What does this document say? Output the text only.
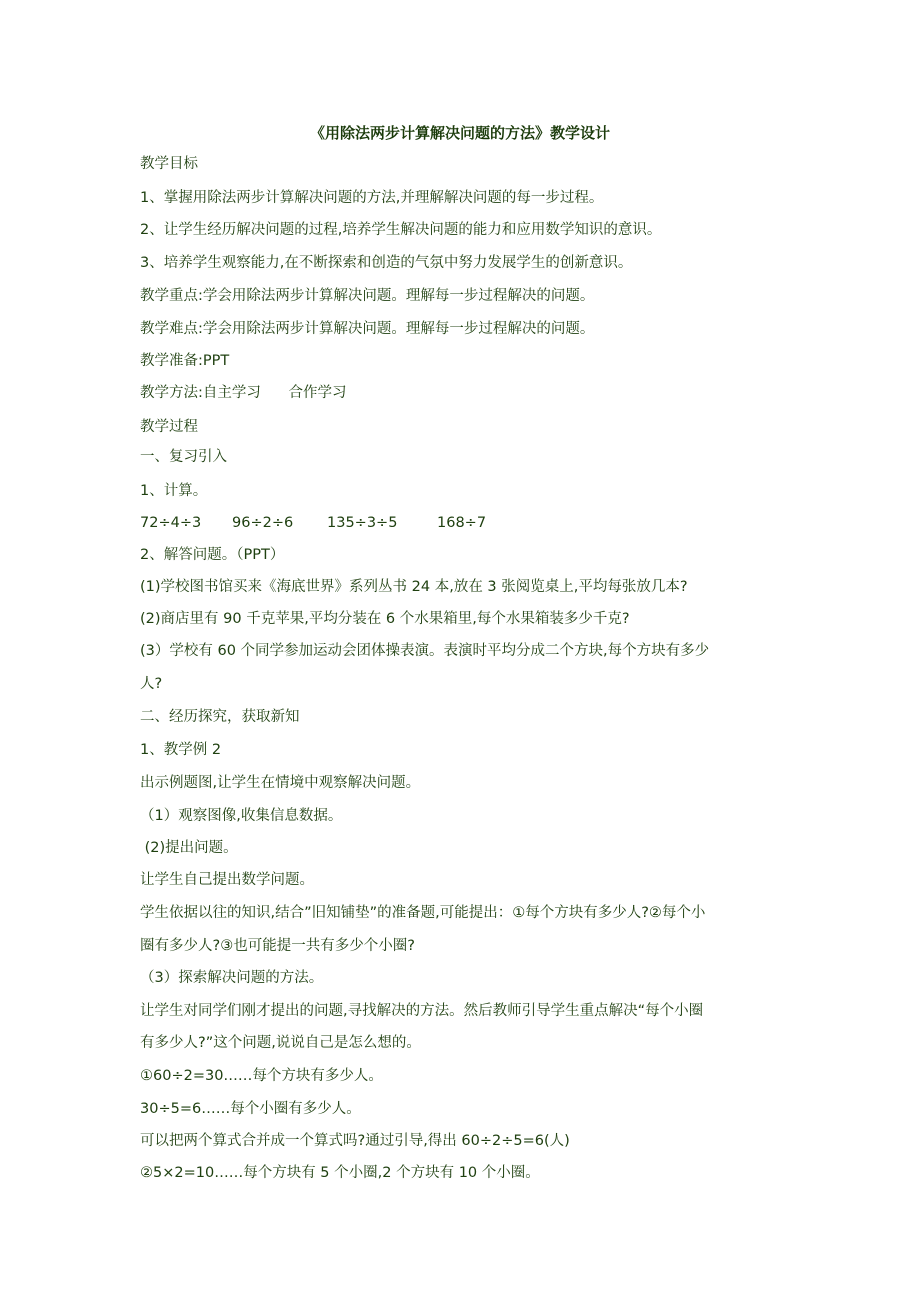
《用除法两步计算解决问题的方法》教学设计
教学目标
1、掌握用除法两步计算解决问题的方法,并理解解决问题的每一步过程。
2、让学生经历解决问题的过程,培养学生解决问题的能力和应用数学知识的意识。
3、培养学生观察能力,在不断探索和创造的气氛中努力发展学生的创新意识。
教学重点:学会用除法两步计算解决问题。理解每一步过程解决的问题。
教学难点:学会用除法两步计算解决问题。理解每一步过程解决的问题。
教学准备:PPT
教学方法:自主学习      合作学习
教学过程
一、复习引入
1、计算。
72÷4÷3 96÷2÷6 135÷3÷5	168÷7
2、解答问题。（PPT）
(1)学校图书馆买来《海底世界》系列丛书 24 本,放在 3 张阅览桌上,平均每张放几本?
(2)商店里有 90 千克苹果,平均分装在 6 个水果箱里,每个水果箱装多少千克?
(3）学校有 60 个同学参加运动会团体操表演。表演时平均分成二个方块,每个方块有多少
人?
二、经历探究，获取新知
1、教学例 2
出示例题图,让学生在情境中观察解决问题。
（1）观察图像,收集信息数据。
(2)提出问题。
让学生自己提出数学问题。
学生依据以往的知识,结合”旧知铺垫”的准备题,可能提出：①每个方块有多少人?②每个小
圈有多少人?③也可能提一共有多少个小圈?
（3）探索解决问题的方法。
让学生对同学们刚才提出的问题,寻找解决的方法。然后教师引导学生重点解决“每个小圈
有多少人?”这个问题,说说自己是怎么想的。
①60÷2=30……每个方块有多少人。
30÷5=6……每个小圈有多少人。
可以把两个算式合并成一个算式吗?通过引导,得出 60÷2÷5=6(人)
②5×2=10……每个方块有 5 个小圈,2 个方块有 10 个小圈。
